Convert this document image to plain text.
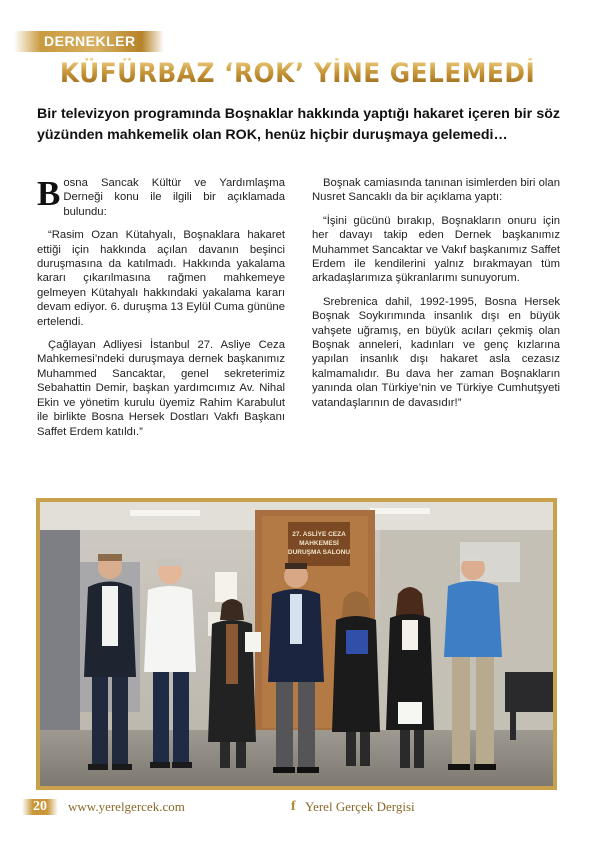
DERNEKLER
KÜFÜRBAZ ‘ROK’ YİNE GELEMEDİ
Bir televizyon programında Boşnaklar hakkında yaptığı hakaret içeren bir söz yüzünden mahkemelik olan ROK, henüz hiçbir duruşmaya gelemedi…

Bosna Sancak Kültür ve Yardımlaşma Derneği konu ile ilgili bir açıklamada bulundu:

“Rasim Ozan Kütahyalı, Boşnaklara hakaret ettiği için hakkında açılan davanın beşinci duruşmasına da katılmadı. Hakkında yakalama kararı çıkarılmasına rağmen mahkemeye gelmeyen Kütahyalı hakkındaki yakalama kararı devam ediyor. 6. duruşma 13 Eylül Cuma gününe ertelendi.

Çağlayan Adliyesi İstanbul 27. Asliye Ceza Mahkemesi’ndeki duruşmaya dernek başkanımız Muhammed Sancaktar, genel sekreterimiz Sebahattin Demir, başkan yardımcımız Av. Nihal Ekin ve yönetim kurulu üyemiz Rahim Karabulut ile birlikte Bosna Hersek Dostları Vakfı Başkanı Saffet Erdem katıldı.”

Boşnak camiasında tanınan isimlerden biri olan Nusret Sancaklı da bir açıklama yaptı:

“İşini gücünü bırakıp, Boşnakların onuru için her davayı takip eden Dernek başkanımız Muhammet Sancaktar ve Vakıf başkanımız Saffet Erdem ile kendilerini yalnız bırakmayan tüm arkadaşlarımıza şükranlarımı sunuyorum.

Srebrenica dahil, 1992-1995, Bosna Hersek Boşnak Soykırımında insanlık dışı en büyük vahşete uğramış, en büyük acıları çekmiş olan Boşnak anneleri, kadınları ve genç kızlarına yapılan insanlık dışı hakaret asla cezasız kalmamalıdır. Bu dava her zaman Boşnakların yanında olan Türkiye’nin ve Türkiye Cumhutşyeti vatandaşlarının de davasıdır!”

27. ASLİYE CEZA
MAHKEMESİ
DURUŞMA SALONU
20	www.yerelgercek.com	f Yerel Gerçek Dergisi
